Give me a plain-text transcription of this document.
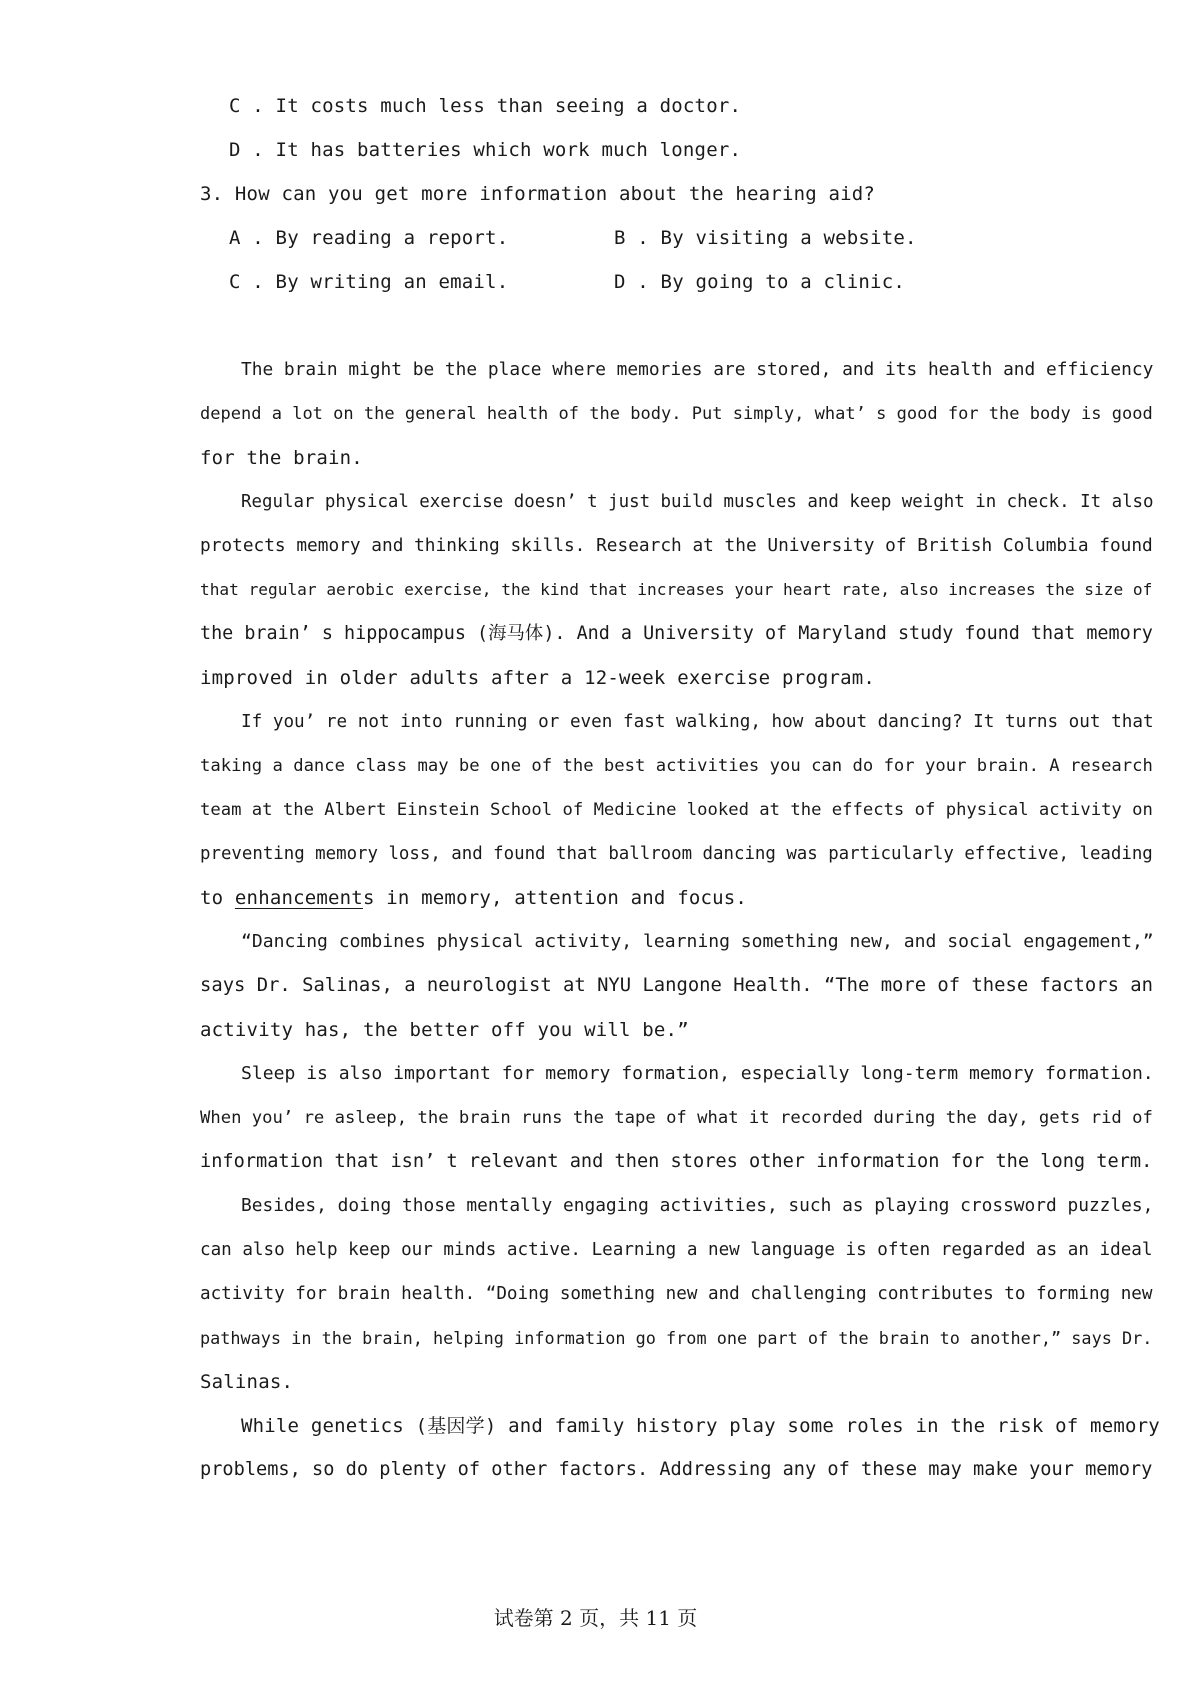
C . It costs much less than seeing a doctor.
D . It has batteries which work much longer.
3. How can you get more information about the hearing aid?
A . By reading a report.	B . By visiting a website.
C . By writing an email.	D . By going to a clinic.
The brain might be the place where memories are stored, and its health and efficiency
depend a lot on the general health of the body. Put simply, what’ s good for the body is good
for the brain.
Regular physical exercise doesn’ t just build muscles and keep weight in check. It also
protects memory and thinking skills. Research at the University of British Columbia found
that regular aerobic exercise, the kind that increases your heart rate, also increases the size of
the brain’ s hippocampus (海马体). And a University of Maryland study found that memory
improved in older adults after a 12-week exercise program.
If you’ re not into running or even fast walking, how about dancing? It turns out that
taking a dance class may be one of the best activities you can do for your brain. A research
team at the Albert Einstein School of Medicine looked at the effects of physical activity on
preventing memory loss, and found that ballroom dancing was particularly effective, leading
to enhancements in memory, attention and focus.
“Dancing combines physical activity, learning something new, and social engagement,”
says Dr. Salinas, a neurologist at NYU Langone Health. “The more of these factors an
activity has, the better off you will be.”
Sleep is also important for memory formation, especially long-term memory formation.
When you’ re asleep, the brain runs the tape of what it recorded during the day, gets rid of
information that isn’ t relevant and then stores other information for the long term.
Besides, doing those mentally engaging activities, such as playing crossword puzzles,
can also help keep our minds active. Learning a new language is often regarded as an ideal
activity for brain health. “Doing something new and challenging contributes to forming new
pathways in the brain, helping information go from one part of the brain to another,” says Dr.
Salinas.
While genetics (基因学) and family history play some roles in the risk of memory
problems, so do plenty of other factors. Addressing any of these may make your memory
试卷第 2 页，共 11 页
